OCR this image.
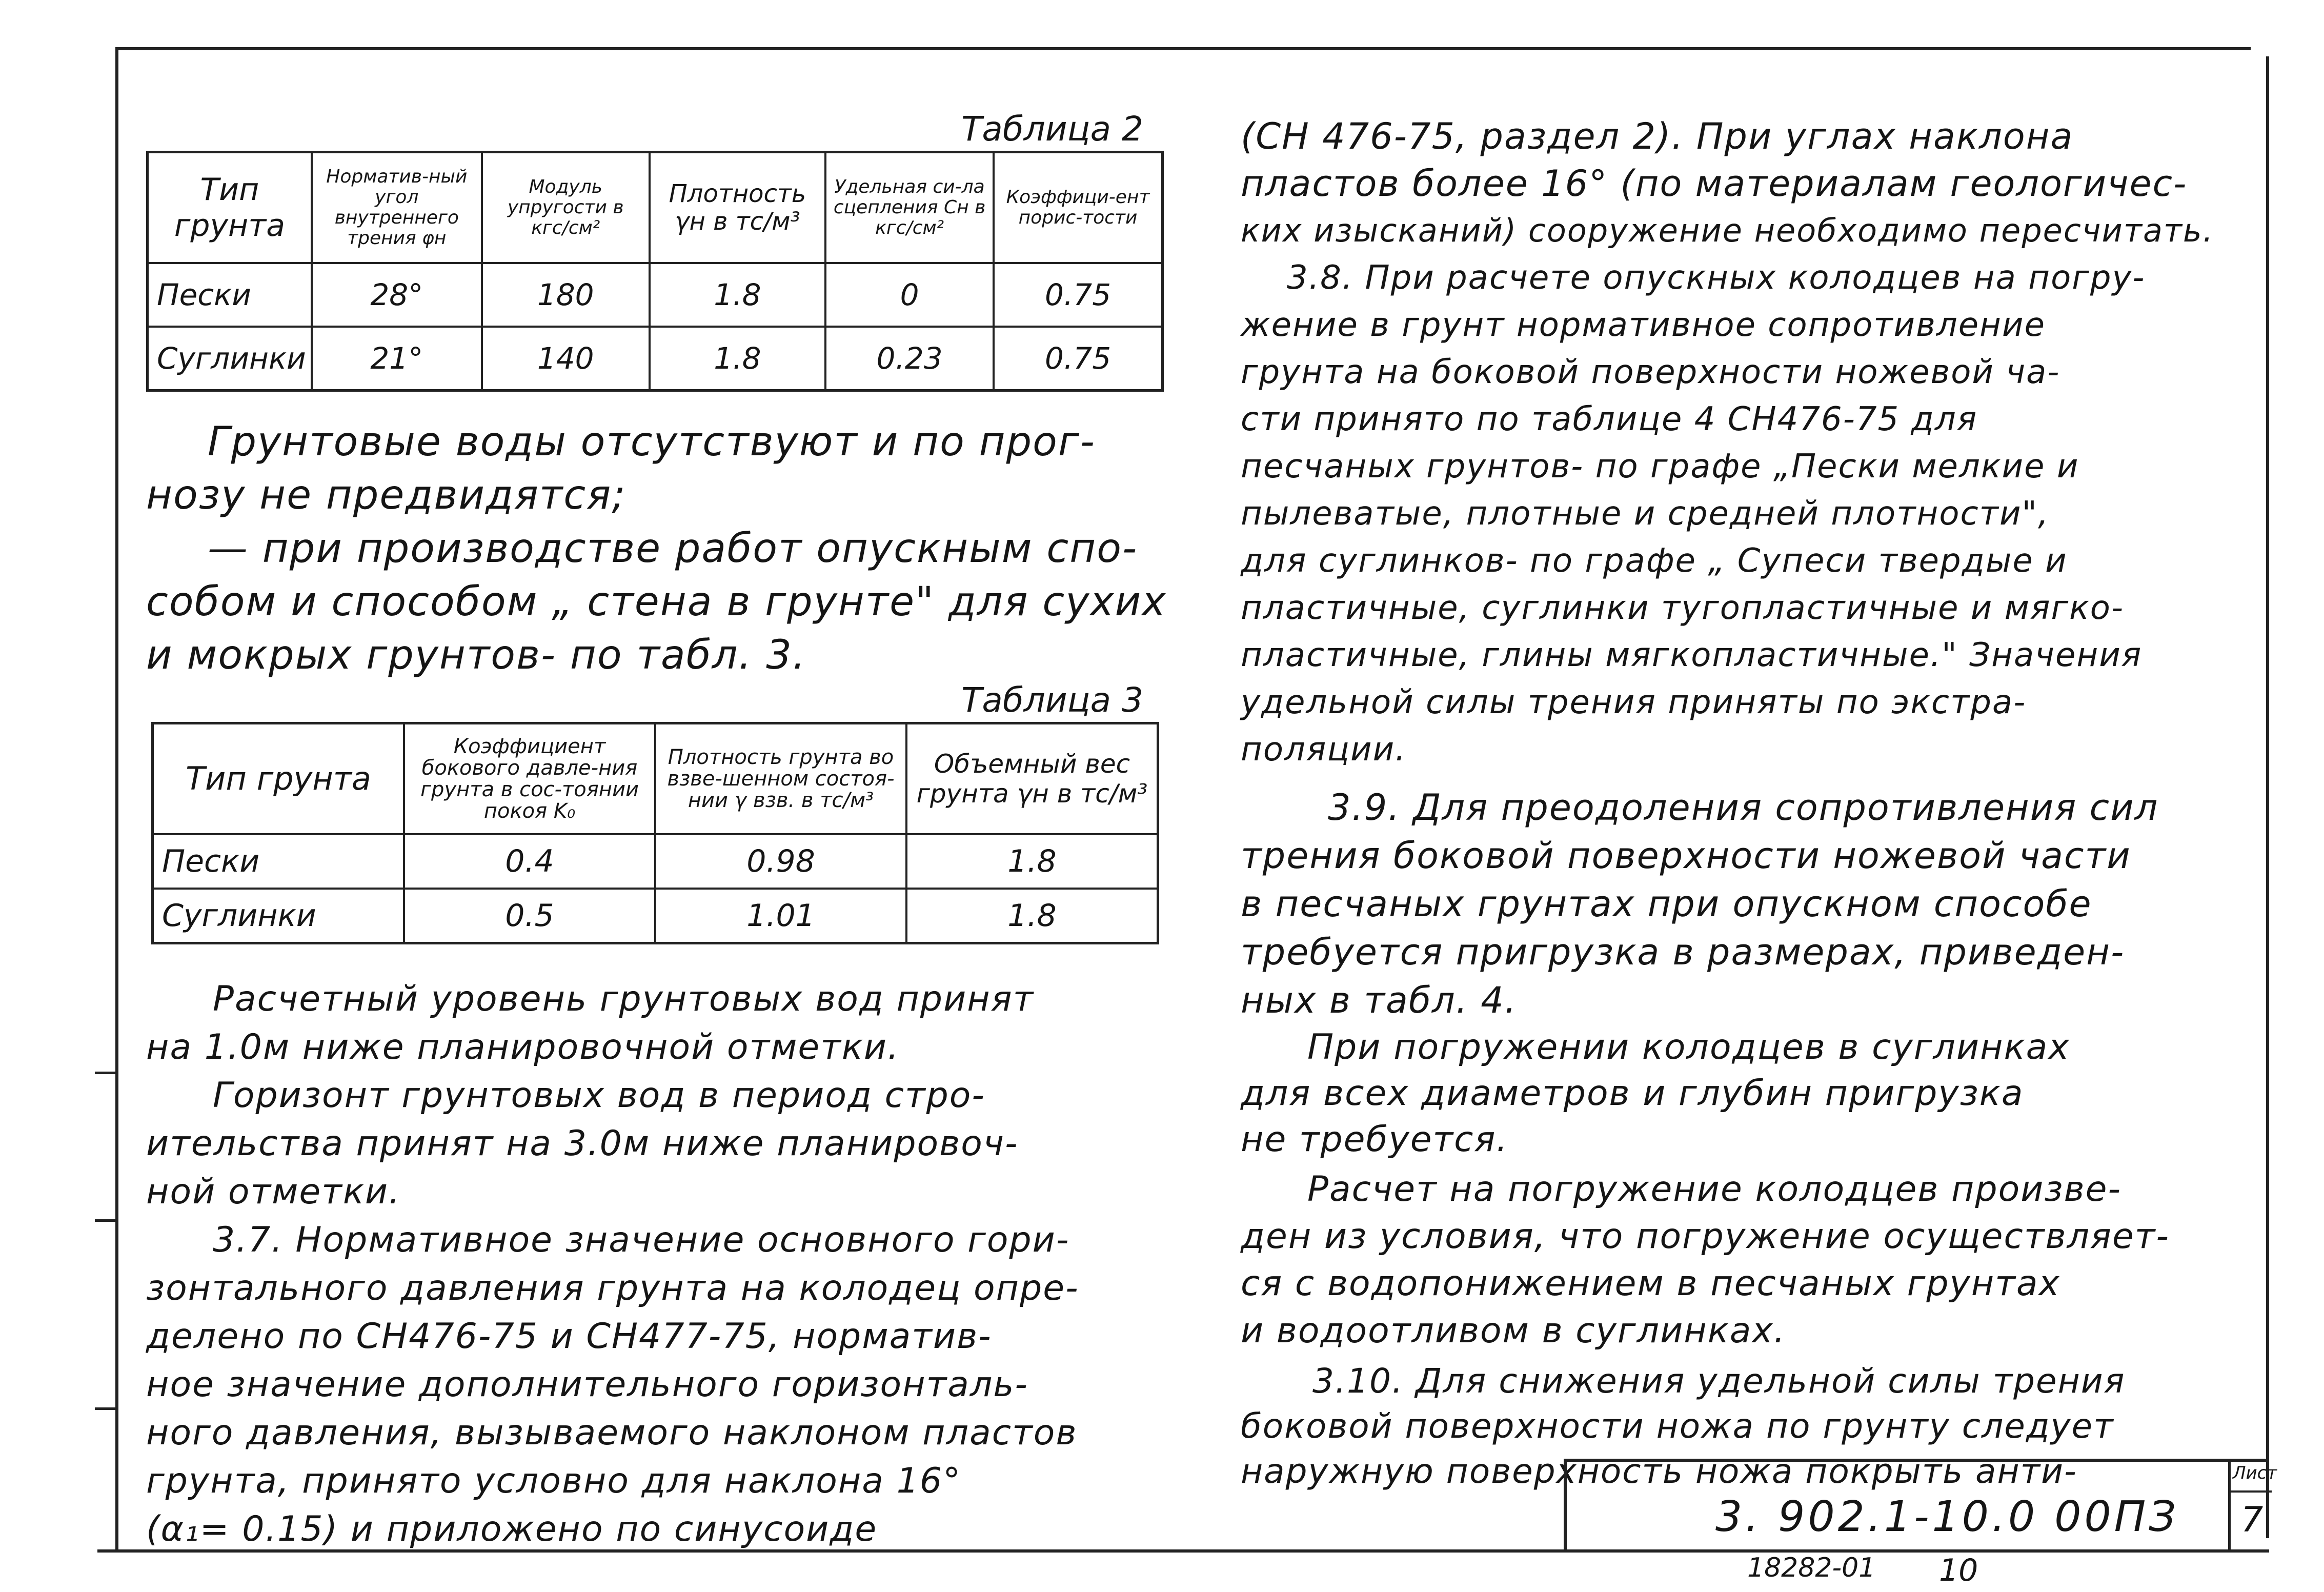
Таблица 2
Тип грунта	Норматив-ный угол внутреннего трения φн	Модуль упругости в кгс/см²	Плотность γн в тс/м³	Удельная си-ла сцепления Сн в кгс/см²	Коэффици-ент порис-тости
Пески	28°	180	1.8	0	0.75
Суглинки	21°	140	1.8	0.23	0.75
Грунтовые воды отсутствуют и по прог-
нозу не предвидятся;
— при производстве работ опускным спо-
собом и способом „ стена в грунте" для сухих
и мокрых грунтов- по табл. 3.
Таблица 3
Тип грунта	Коэффициент бокового давле-ния грунта в сос-тоянии покоя K₀	Плотность грунта во взве-шенном состоя-нии γ взв. в тс/м³	Объемный вес грунта γн в тс/м³
Пески	0.4	0.98	1.8
Суглинки	0.5	1.01	1.8
Расчетный уровень грунтовых вод принят
на 1.0м ниже планировочной отметки.
Горизонт грунтовых вод в период стро-
ительства принят на 3.0м ниже планировоч-
ной отметки.
3.7. Нормативное значение основного гори-
зонтального давления грунта на колодец опре-
делено по СН476-75 и СН477-75, норматив-
ное значение дополнительного горизонталь-
ного давления, вызываемого наклоном пластов
грунта, принято условно для наклона 16°
(α₁= 0.15) и приложено по синусоиде
(СН 476-75, раздел 2). При углах наклона
пластов более 16° (по материалам геологичес-
ких изысканий) сооружение необходимо пересчитать.
3.8. При расчете опускных колодцев на погру-
жение в грунт нормативное сопротивление
грунта на боковой поверхности ножевой ча-
сти принято по таблице 4 СН476-75 для
песчаных грунтов- по графе „Пески мелкие и
пылеватые, плотные и средней плотности",
для суглинков- по графе „ Супеси твердые и
пластичные, суглинки тугопластичные и мягко-
пластичные, глины мягкопластичные." Значения
удельной силы трения приняты по экстра-
поляции.
3.9. Для преодоления сопротивления сил
трения боковой поверхности ножевой части
в песчаных грунтах при опускном способе
требуется пригрузка в размерах, приведен-
ных в табл. 4.
При погружении колодцев в суглинках
для всех диаметров и глубин пригрузка
не требуется.
Расчет на погружение колодцев произве-
ден из условия, что погружение осуществляет-
ся с водопонижением в песчаных грунтах
и водоотливом в суглинках.
3.10. Для снижения удельной силы трения
боковой поверхности ножа по грунту следует
наружную поверхность ножа покрыть анти-
3. 902.1-10.0 00ПЗ
Лист
7
18282-01 10
